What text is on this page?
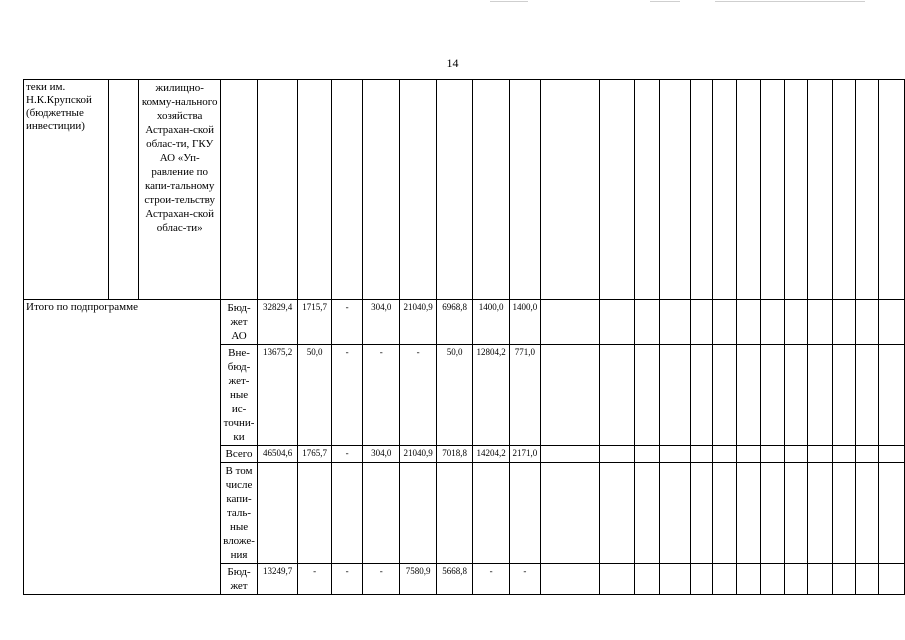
14
теки им. Н.К.Крупской (бюджетные инвестиции)		жилищно-комму-нального хозяйства Астрахан-ской облас-ти, ГКУ АО «Уп-равление по капи-тальному строи-тельству Астрахан-ской облас-ти»																						
Итого по подпрограмме			Бюд-жет АО	32829,4	1715,7	-	304,0	21040,9	6968,8	1400,0	1400,0													
			Вне-бюд-жет-ные ис-точни-ки	13675,2	50,0	-	-	-	50,0	12804,2	771,0													
			Всего	46504,6	1765,7	-	304,0	21040,9	7018,8	14204,2	2171,0													
			В том числе капи-таль-ные вложе-ния																					
			Бюд-жет	13249,7	-	-	-	7580,9	5668,8	-	-													
